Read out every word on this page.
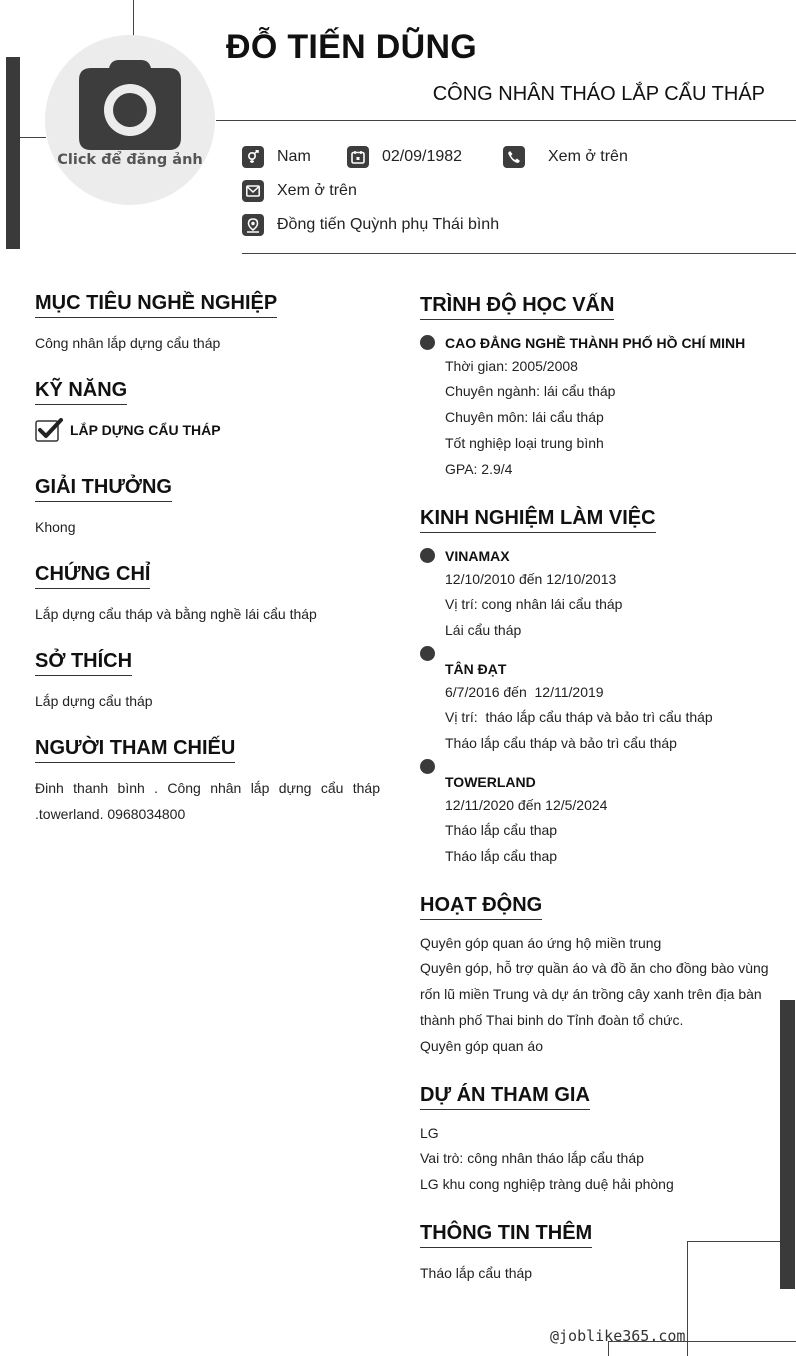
Click để đăng ảnh
ĐỖ TIẾN DŨNG
CÔNG NHÂN THÁO LẮP CẨU THÁP
Nam	02/09/1982	Xem ở trên
Xem ở trên
Đồng tiến Quỳnh phụ Thái bình
MỤC TIÊU NGHỀ NGHIỆP
Công nhân lắp dựng cẩu tháp
KỸ NĂNG
LẮP DỰNG CẨU THÁP
GIẢI THƯỞNG
Khong
CHỨNG CHỈ
Lắp dựng cẩu tháp và bằng nghề lái cẩu tháp
SỞ THÍCH
Lắp dựng cẩu tháp
NGƯỜI THAM CHIẾU
Đinh thanh bình . Công nhân lắp dựng cẩu tháp .towerland. 0968034800
TRÌNH ĐỘ HỌC VẤN
CAO ĐẲNG NGHỀ THÀNH PHỐ HỒ CHÍ MINH
Thời gian: 2005/2008
Chuyên ngành: lái cẩu tháp
Chuyên môn: lái cẩu tháp
Tốt nghiệp loại trung bình
GPA: 2.9/4
KINH NGHIỆM LÀM VIỆC
VINAMAX
12/10/2010 đến 12/10/2013
Vị trí: cong nhân lái cẩu tháp
Lái cẩu tháp
TÂN ĐẠT
6/7/2016 đến  12/11/2019
Vị trí:  tháo lắp cẩu tháp và bảo trì cẩu tháp
Tháo lắp cẩu tháp và bảo trì cẩu tháp
TOWERLAND
12/11/2020 đến 12/5/2024
Tháo lắp cẩu thap
Tháo lắp cẩu thap
HOẠT ĐỘNG
Quyên góp quan áo ứng hộ miền trung
Quyên góp, hỗ trợ quần áo và đồ ăn cho đồng bào vùng rốn lũ miền Trung và dự án trồng cây xanh trên địa bàn thành phố Thai binh do Tỉnh đoàn tổ chức.
Quyên góp quan áo
DỰ ÁN THAM GIA
LG
Vai trò: công nhân tháo lắp cẩu tháp
LG khu cong nghiệp tràng duệ hải phòng
THÔNG TIN THÊM
Tháo lắp cẩu tháp
@joblike365.com
